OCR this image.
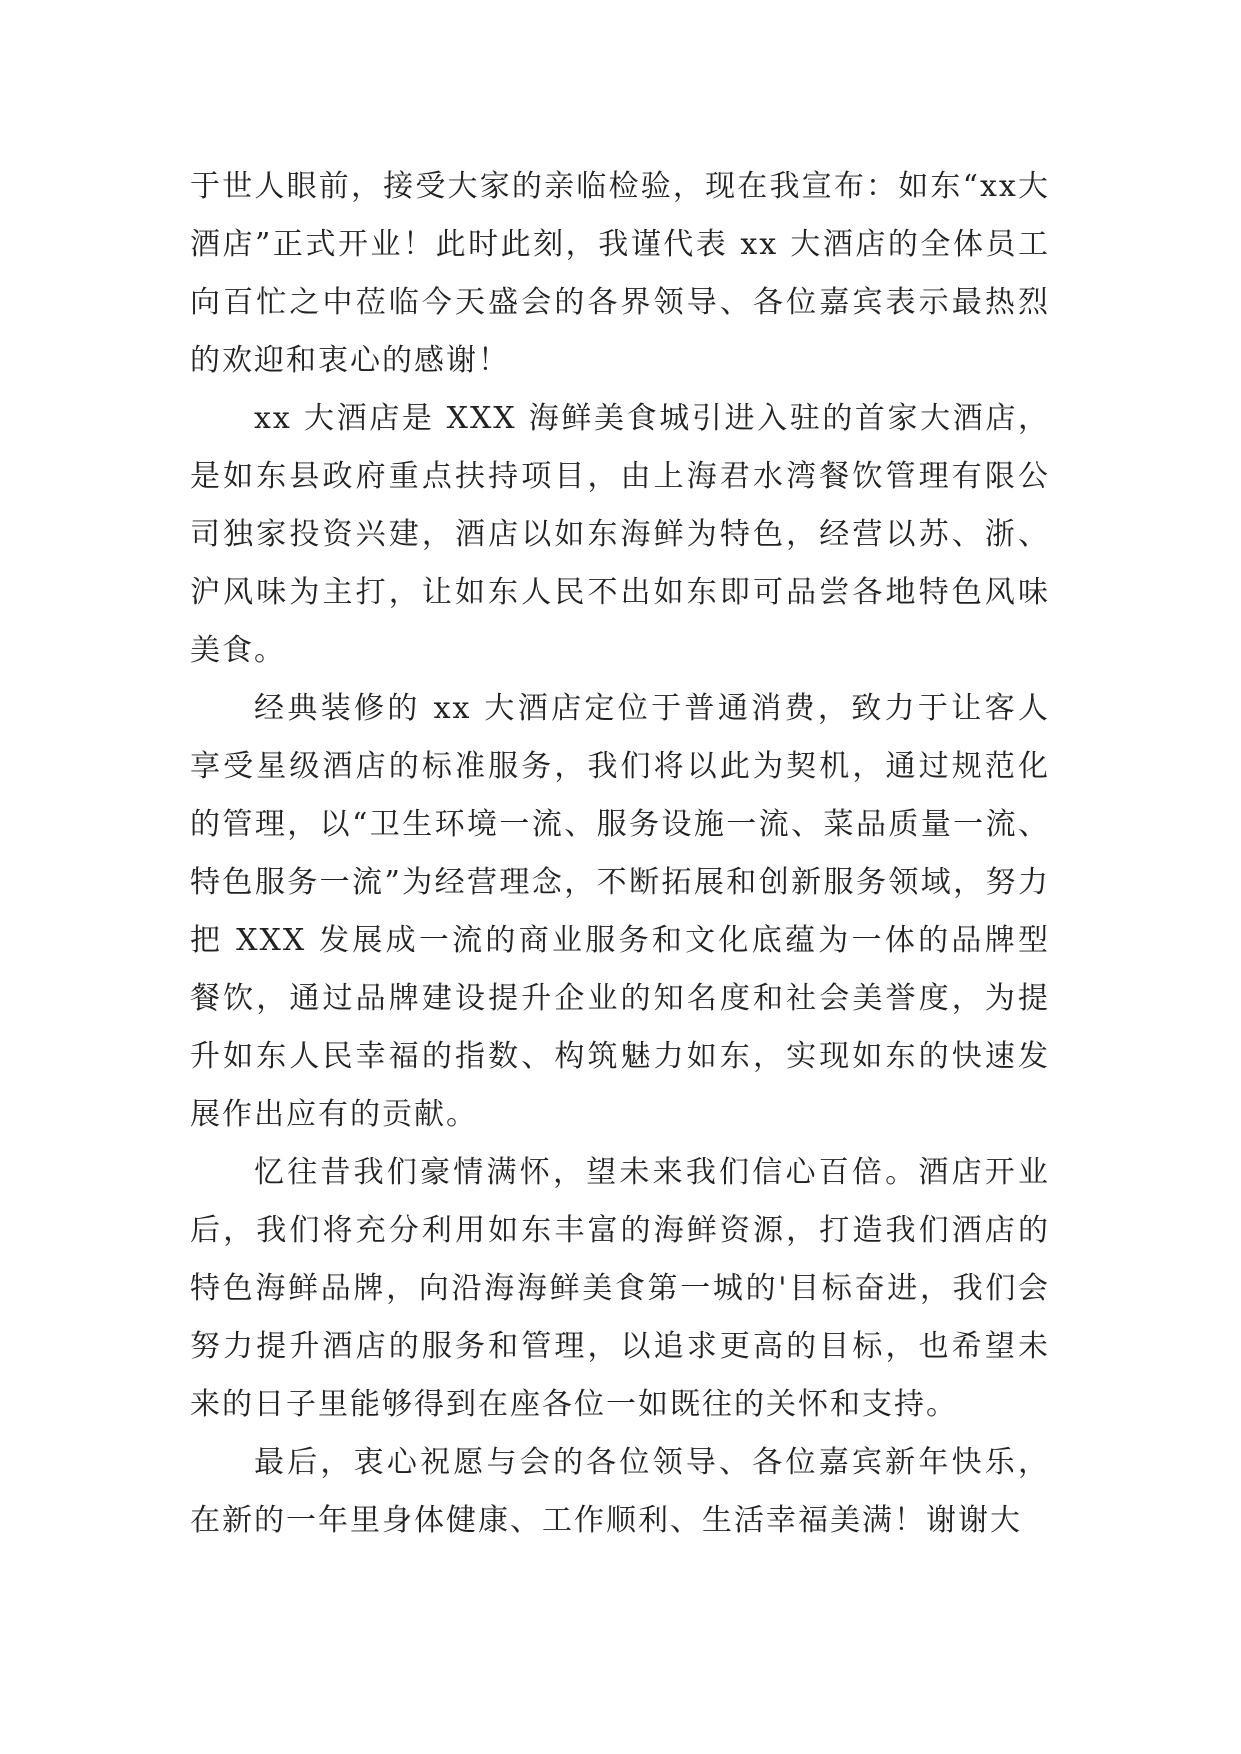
于世人眼前，接受大家的亲临检验，现在我宣布：如东“xx大酒店”正式开业！此时此刻，我谨代表 xx 大酒店的全体员工向百忙之中莅临今天盛会的各界领导、各位嘉宾表示最热烈的欢迎和衷心的感谢！

xx 大酒店是 XXX 海鲜美食城引进入驻的首家大酒店，是如东县政府重点扶持项目，由上海君水湾餐饮管理有限公司独家投资兴建，酒店以如东海鲜为特色，经营以苏、浙、沪风味为主打，让如东人民不出如东即可品尝各地特色风味美食。

经典装修的 xx 大酒店定位于普通消费，致力于让客人享受星级酒店的标准服务，我们将以此为契机，通过规范化的管理，以“卫生环境一流、服务设施一流、菜品质量一流、特色服务一流”为经营理念，不断拓展和创新服务领域，努力把 XXX 发展成一流的商业服务和文化底蕴为一体的品牌型餐饮，通过品牌建设提升企业的知名度和社会美誉度，为提升如东人民幸福的指数、构筑魅力如东，实现如东的快速发展作出应有的贡献。

忆往昔我们豪情满怀，望未来我们信心百倍。酒店开业后，我们将充分利用如东丰富的海鲜资源，打造我们酒店的特色海鲜品牌，向沿海海鲜美食第一城的'目标奋进，我们会努力提升酒店的服务和管理，以追求更高的目标，也希望未来的日子里能够得到在座各位一如既往的关怀和支持。

最后，衷心祝愿与会的各位领导、各位嘉宾新年快乐，在新的一年里身体健康、工作顺利、生活幸福美满！谢谢大
